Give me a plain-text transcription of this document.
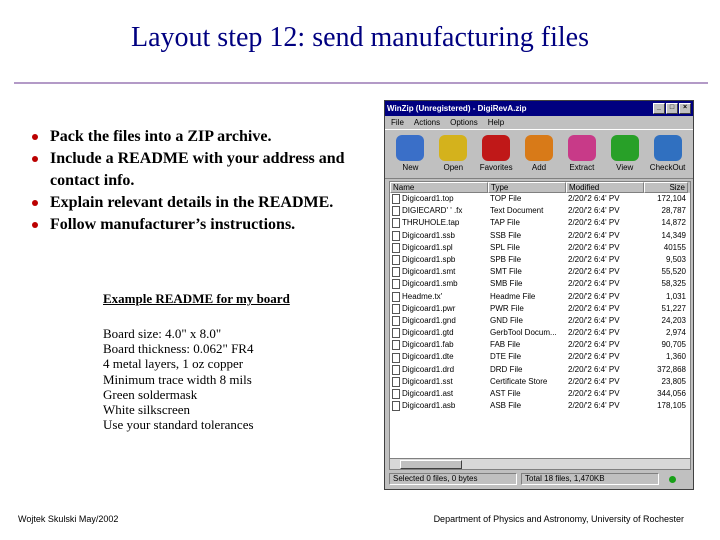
Layout step 12: send manufacturing files
Pack the files into a ZIP archive.
Include a README with your address and contact info.
Explain relevant details in the README.
Follow manufacturer’s instructions.
Example README for my board
Board size: 4.0" x 8.0"
Board thickness: 0.062" FR4
4 metal layers, 1 oz copper
Minimum trace width 8 mils
Green soldermask
White silkscreen
Use your standard tolerances
WinZip (Unregistered) - DigiRevA.zip	_	□	×
File Actions Options Help
New	Open Favorites Add	Extract	View CheckOut
Name	Type	Modified	Size
Digicoard1.top	TOP File	2/20/'2 6:4' PV	172,104
DIGIECARD' ' .fx	Text Document	2/20/'2 6:4' PV	28,787
THRUHOLE.tap	TAP File	2/20/'2 6:4' PV	14,872
Digicoard1.ssb	SSB File	2/20/'2 6:4' PV	14,349
Digicoard1.spl	SPL File	2/20/'2 6:4' PV	40155
Digicoard1.spb	SPB File	2/20/'2 6:4' PV	9,503
Digicoard1.smt	SMT File	2/20/'2 6:4' PV	55,520
Digicoard1.smb	SMB File	2/20/'2 6:4' PV	58,325
Headme.tx'	Headme File	2/20/'2 6:4' PV	1,031
Digicoard1.pwr	PWR File	2/20/'2 6:4' PV	51,227
Digicoard1.gnd	GND File	2/20/'2 6:4' PV	24,203
Digicoard1.gtd	GerbTool Docum...	2/20/'2 6:4' PV	2,974
Digicoard1.fab	FAB File	2/20/'2 6:4' PV	90,705
Digicoard1.dte	DTE File	2/20/'2 6:4' PV	1,360
Digicoard1.drd	DRD File	2/20/'2 6:4' PV	372,868
Digicoard1.sst	Certificate Store	2/20/'2 6:4' PV	23,805
Digicoard1.ast	AST File	2/20/'2 6:4' PV	344,056
Digicoard1.asb	ASB File	2/20/'2 6:4' PV	178,105
Selected 0 files, 0 bytes	Total 18 files, 1,470KB
Wojtek Skulski May/2002	Department of Physics and Astronomy, University of Rochester
